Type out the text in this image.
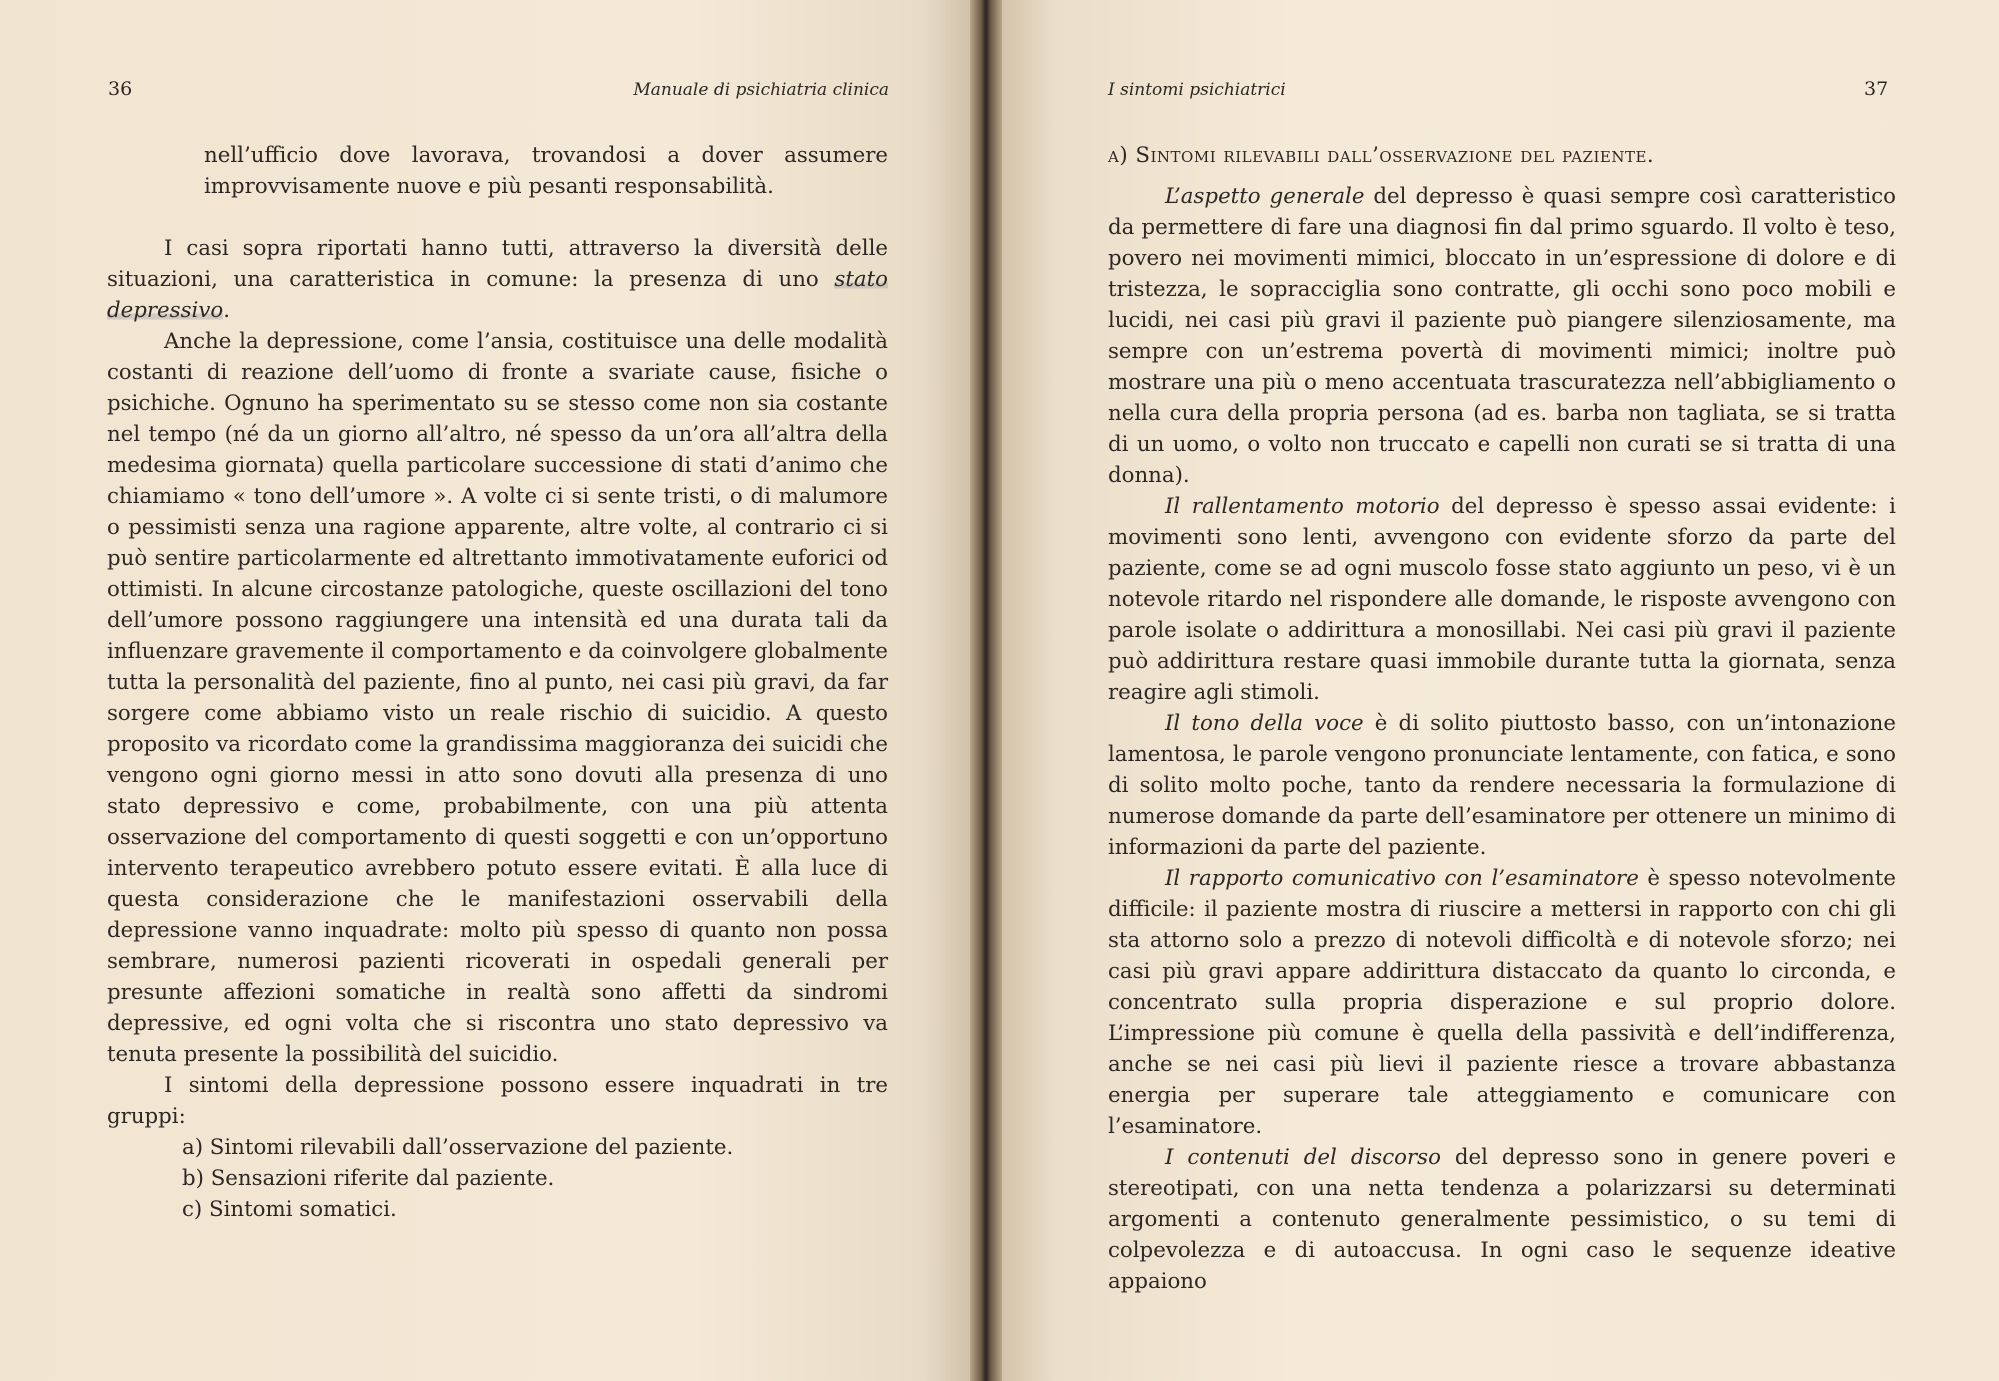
36	Manuale di psichiatria clinica

nell’ufficio dove lavorava, trovandosi a dover assumere improvvisamente nuove e più pesanti responsabilità.

I casi sopra riportati hanno tutti, attraverso la diversità delle situazioni, una caratteristica in comune: la presenza di uno stato depressivo.

Anche la depressione, come l’ansia, costituisce una delle modalità costanti di reazione dell’uomo di fronte a svariate cause, fisiche o psichiche. Ognuno ha sperimentato su se stesso come non sia costante nel tempo (né da un giorno all’altro, né spesso da un’ora all’altra della medesima giornata) quella particolare successione di stati d’animo che chiamiamo « tono dell’umore ». A volte ci si sente tristi, o di malumore o pessimisti senza una ragione apparente, altre volte, al contrario ci si può sentire particolarmente ed altrettanto immotivatamente euforici od ottimisti. In alcune circostanze patologiche, queste oscillazioni del tono dell’umore possono raggiungere una intensità ed una durata tali da influenzare gravemente il comportamento e da coinvolgere globalmente tutta la personalità del paziente, fino al punto, nei casi più gravi, da far sorgere come abbiamo visto un reale rischio di suicidio. A questo proposito va ricordato come la grandissima maggioranza dei suicidi che vengono ogni giorno messi in atto sono dovuti alla presenza di uno stato depressivo e come, probabilmente, con una più attenta osservazione del comportamento di questi soggetti e con un’opportuno intervento terapeutico avrebbero potuto essere evitati. È alla luce di questa considerazione che le manifestazioni osservabili della depressione vanno inquadrate: molto più spesso di quanto non possa sembrare, numerosi pazienti ricoverati in ospedali generali per presunte affezioni somatiche in realtà sono affetti da sindromi depressive, ed ogni volta che si riscontra uno stato depressivo va tenuta presente la possibilità del suicidio.

I sintomi della depressione possono essere inquadrati in tre gruppi:

a) Sintomi rilevabili dall’osservazione del paziente.
b) Sensazioni riferite dal paziente.
c) Sintomi somatici.
I sintomi psichiatrici	37

a) Sintomi rilevabili dall’osservazione del paziente.

L’aspetto generale del depresso è quasi sempre così caratteristico da permettere di fare una diagnosi fin dal primo sguardo. Il volto è teso, povero nei movimenti mimici, bloccato in un’espressione di dolore e di tristezza, le sopracciglia sono contratte, gli occhi sono poco mobili e lucidi, nei casi più gravi il paziente può piangere silenziosamente, ma sempre con un’estrema povertà di movimenti mimici; inoltre può mostrare una più o meno accentuata trascuratezza nell’abbigliamento o nella cura della propria persona (ad es. barba non tagliata, se si tratta di un uomo, o volto non truccato e capelli non curati se si tratta di una donna).

Il rallentamento motorio del depresso è spesso assai evidente: i movimenti sono lenti, avvengono con evidente sforzo da parte del paziente, come se ad ogni muscolo fosse stato aggiunto un peso, vi è un notevole ritardo nel rispondere alle domande, le risposte avvengono con parole isolate o addirittura a monosillabi. Nei casi più gravi il paziente può addirittura restare quasi immobile durante tutta la giornata, senza reagire agli stimoli.

Il tono della voce è di solito piuttosto basso, con un’intonazione lamentosa, le parole vengono pronunciate lentamente, con fatica, e sono di solito molto poche, tanto da rendere necessaria la formulazione di numerose domande da parte dell’esaminatore per ottenere un minimo di informazioni da parte del paziente.

Il rapporto comunicativo con l’esaminatore è spesso notevolmente difficile: il paziente mostra di riuscire a mettersi in rapporto con chi gli sta attorno solo a prezzo di notevoli difficoltà e di notevole sforzo; nei casi più gravi appare addirittura distaccato da quanto lo circonda, e concentrato sulla propria disperazione e sul proprio dolore. L’impressione più comune è quella della passività e dell’indifferenza, anche se nei casi più lievi il paziente riesce a trovare abbastanza energia per superare tale atteggiamento e comunicare con l’esaminatore.

I contenuti del discorso del depresso sono in genere poveri e stereotipati, con una netta tendenza a polarizzarsi su determinati argomenti a contenuto generalmente pessimistico, o su temi di colpevolezza e di autoaccusa. In ogni caso le sequenze ideative appaiono
